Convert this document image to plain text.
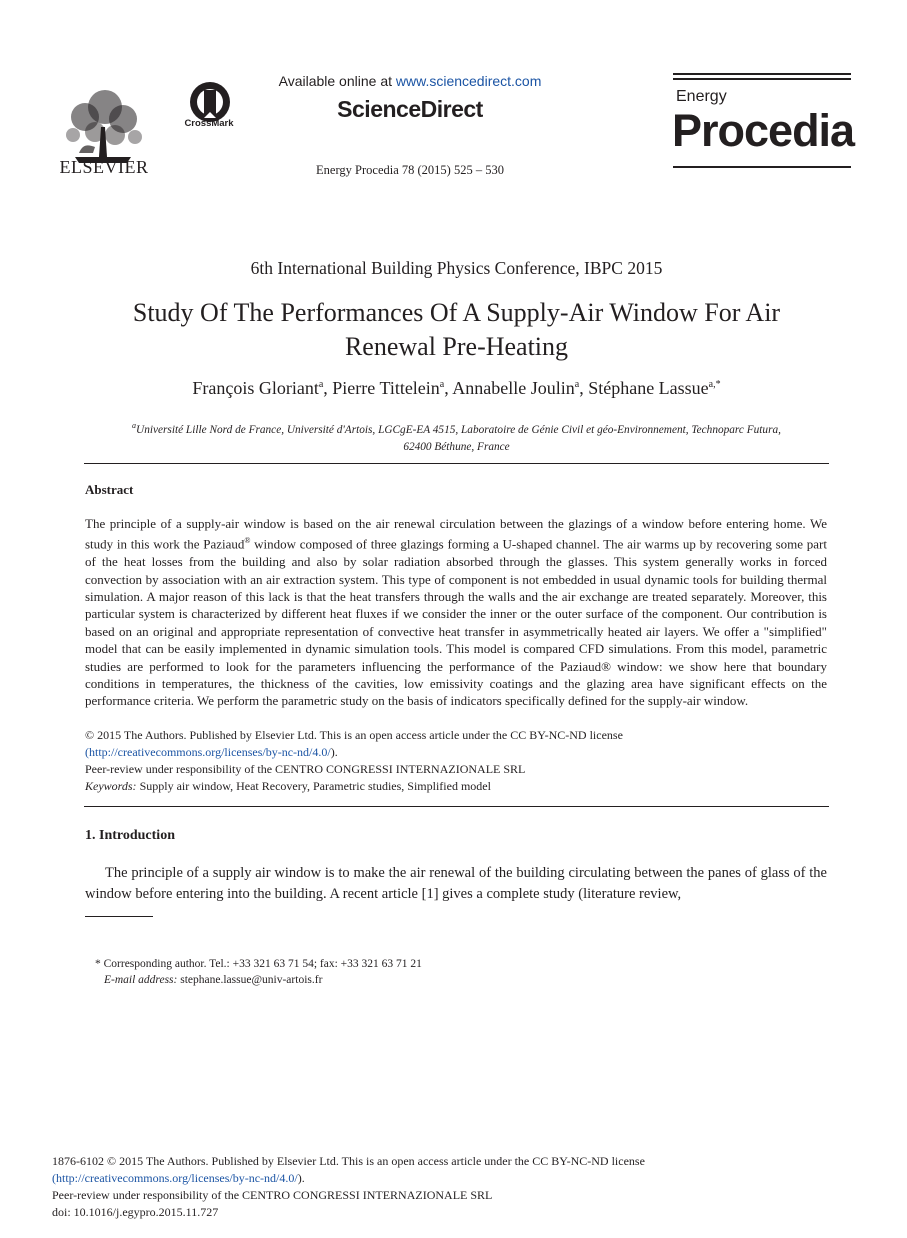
ELSEVIER
CrossMark
Available online at www.sciencedirect.com
ScienceDirect
Energy Procedia 78 (2015) 525 – 530
Energy
Procedia
6th International Building Physics Conference, IBPC 2015
Study Of The Performances Of A Supply-Air Window For Air
Renewal Pre-Heating
François Gloriant$^a$, Pierre Tittelein$^a$, Annabelle Joulin$^a$, Stéphane Lassue$^{a,*}$
$^a$Université Lille Nord de France, Université d'Artois, LGCgE-EA 4515, Laboratoire de Génie Civil et géo-Environnement, Technoparc Futura,
62400 Béthune, France
Abstract
The principle of a supply-air window is based on the air renewal circulation between the glazings of a window before entering home. We study in this work the Paziaud® window composed of three glazings forming a U-shaped channel. The air warms up by recovering some part of the heat losses from the building and also by solar radiation absorbed through the glasses. This system generally works in forced convection by association with an air extraction system. This type of component is not embedded in usual dynamic tools for building thermal simulation. A major reason of this lack is that the heat transfers through the walls and the air exchange are treated separately. Moreover, this particular system is characterized by different heat fluxes if we consider the inner or the outer surface of the component. Our contribution is based on an original and appropriate representation of convective heat transfer in asymmetrically heated air layers. We offer a "simplified" model that can be easily implemented in dynamic simulation tools. This model is compared CFD simulations. From this model, parametric studies are performed to look for the parameters influencing the performance of the Paziaud® window: we show here that boundary conditions in temperatures, the thickness of the cavities, low emissivity coatings and the glazing area have significant effects on the performance criteria. We perform the parametric study on the basis of indicators specifically defined for the supply-air window.
© 2015 The Authors. Published by Elsevier Ltd. This is an open access article under the CC BY-NC-ND license
(http://creativecommons.org/licenses/by-nc-nd/4.0/).
Peer-review under responsibility of the CENTRO CONGRESSI INTERNAZIONALE SRL
Keywords: Supply air window, Heat Recovery, Parametric studies, Simplified model
1. Introduction
The principle of a supply air window is to make the air renewal of the building circulating between the panes of glass of the window before entering into the building. A recent article [1] gives a complete study (literature review,
* Corresponding author. Tel.: +33 321 63 71 54; fax: +33 321 63 71 21
E-mail address: stephane.lassue@univ-artois.fr
1876-6102 © 2015 The Authors. Published by Elsevier Ltd. This is an open access article under the CC BY-NC-ND license
(http://creativecommons.org/licenses/by-nc-nd/4.0/).
Peer-review under responsibility of the CENTRO CONGRESSI INTERNAZIONALE SRL
doi: 10.1016/j.egypro.2015.11.727
